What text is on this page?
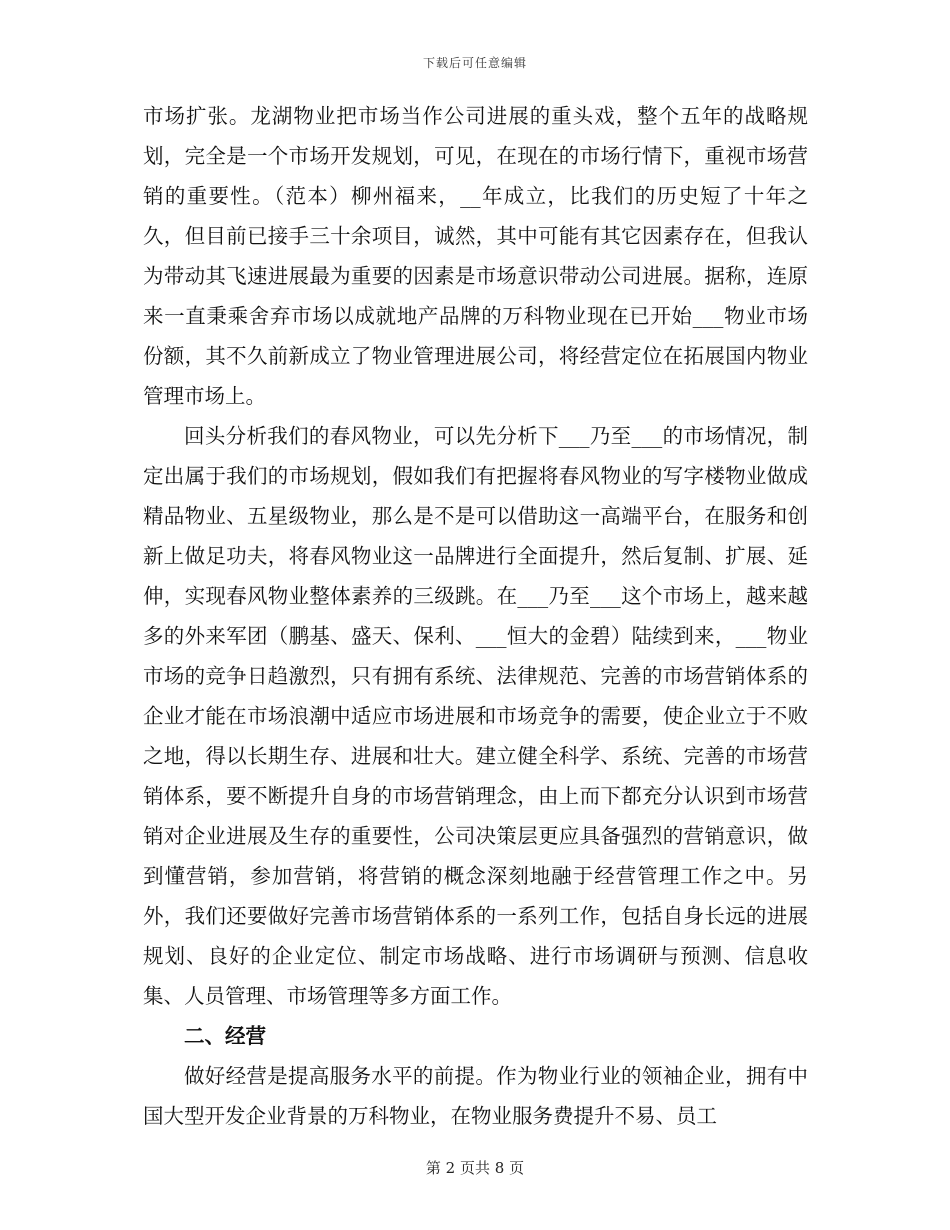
下载后可任意编辑

市场扩张。龙湖物业把市场当作公司进展的重头戏，整个五年的战略规划，完全是一个市场开发规划，可见，在现在的市场行情下，重视市场营销的重要性。（范本）柳州福来，__年成立，比我们的历史短了十年之久，但目前已接手三十余项目，诚然，其中可能有其它因素存在，但我认为带动其飞速进展最为重要的因素是市场意识带动公司进展。据称，连原来一直秉乘舍弃市场以成就地产品牌的万科物业现在已开始___物业市场份额，其不久前新成立了物业管理进展公司，将经营定位在拓展国内物业管理市场上。

回头分析我们的春风物业，可以先分析下___乃至___的市场情况，制定出属于我们的市场规划，假如我们有把握将春风物业的写字楼物业做成精品物业、五星级物业，那么是不是可以借助这一高端平台，在服务和创新上做足功夫，将春风物业这一品牌进行全面提升，然后复制、扩展、延伸，实现春风物业整体素养的三级跳。在___乃至___这个市场上，越来越多的外来军团（鹏基、盛天、保利、___恒大的金碧）陆续到来，___物业市场的竞争日趋激烈，只有拥有系统、法律规范、完善的市场营销体系的企业才能在市场浪潮中适应市场进展和市场竞争的需要，使企业立于不败之地，得以长期生存、进展和壮大。建立健全科学、系统、完善的市场营销体系，要不断提升自身的市场营销理念，由上而下都充分认识到市场营销对企业进展及生存的重要性，公司决策层更应具备强烈的营销意识，做到懂营销，参加营销，将营销的概念深刻地融于经营管理工作之中。另外，我们还要做好完善市场营销体系的一系列工作，包括自身长远的进展规划、良好的企业定位、制定市场战略、进行市场调研与预测、信息收集、人员管理、市场管理等多方面工作。

二、经营

做好经营是提高服务水平的前提。作为物业行业的领袖企业，拥有中国大型开发企业背景的万科物业，在物业服务费提升不易、员工

第 2 页共 8 页
